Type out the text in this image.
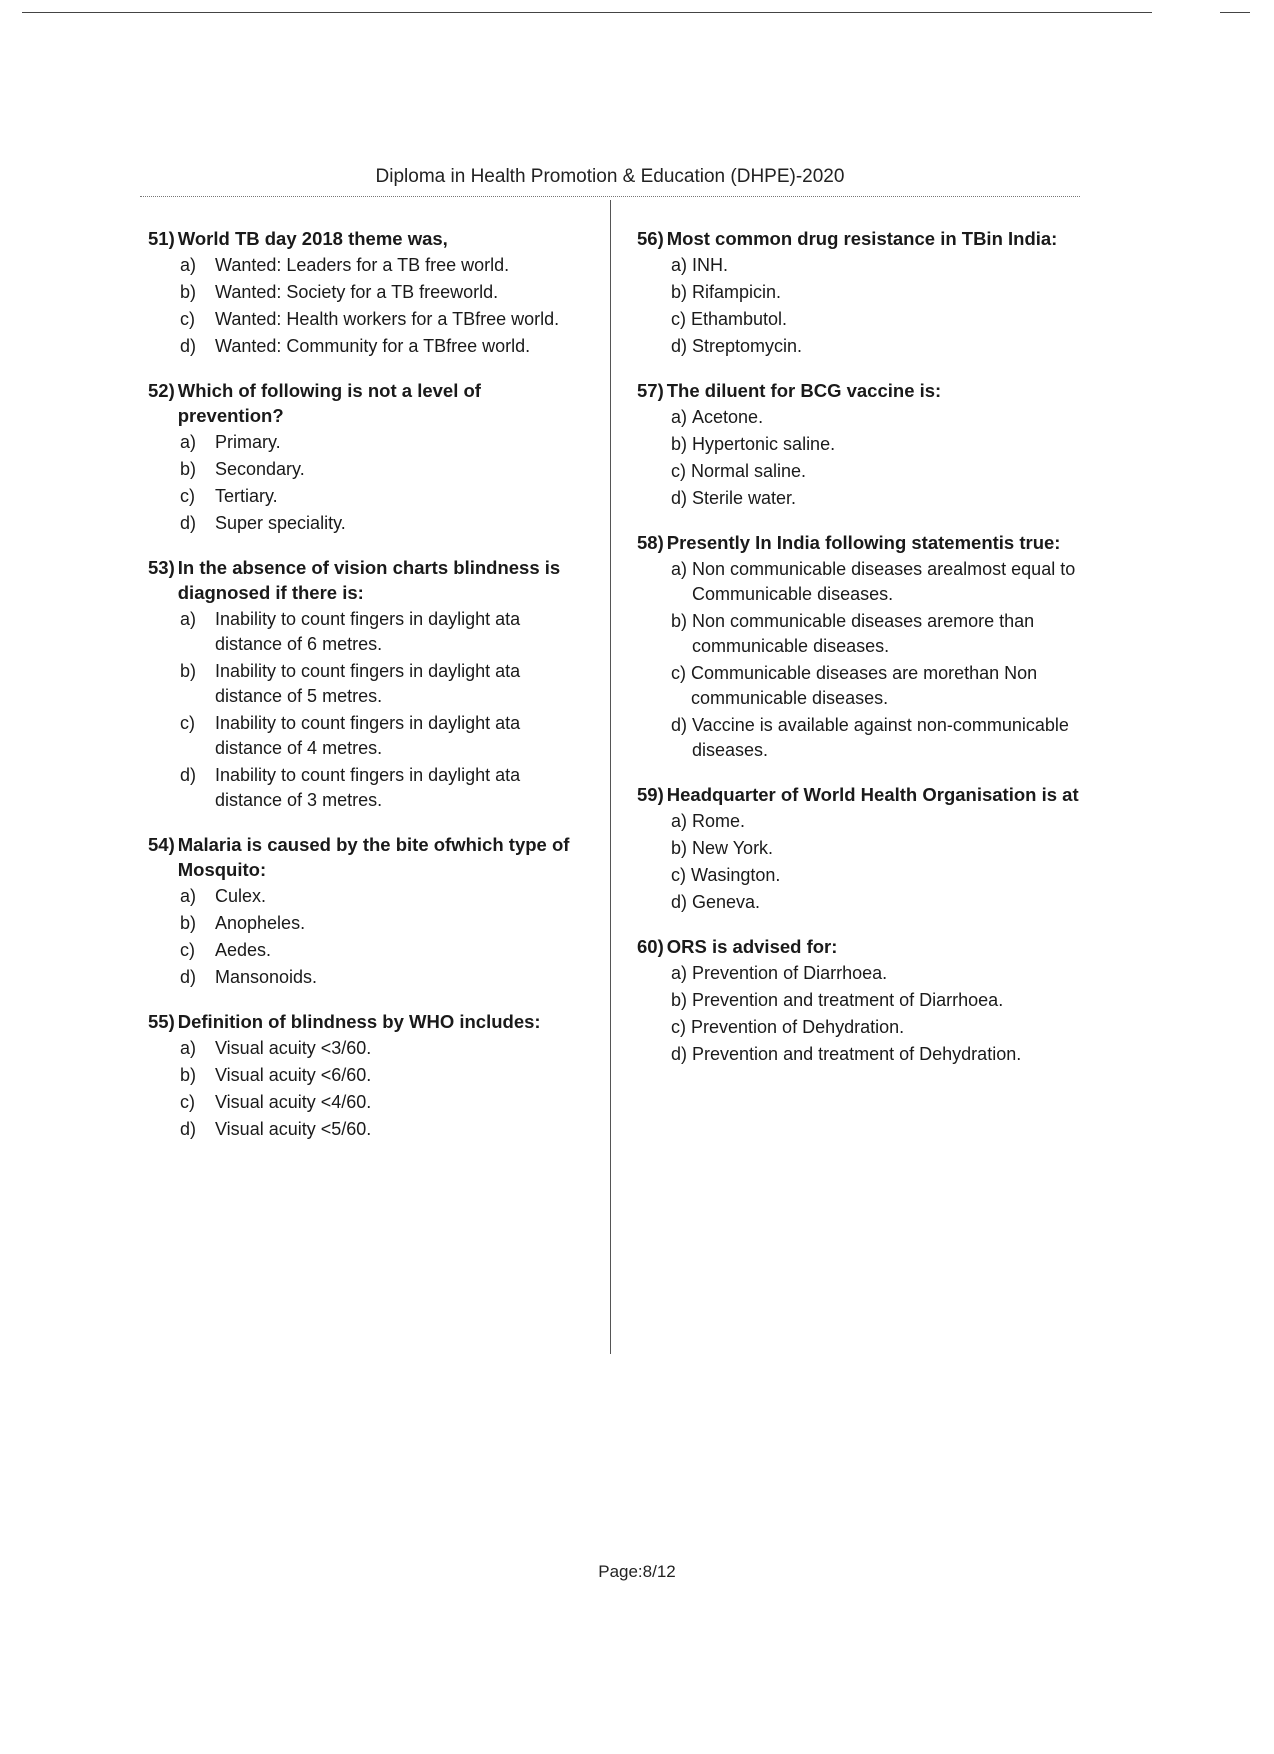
Diploma in Health Promotion & Education (DHPE)-2020
51) World TB day 2018 theme was,
a)	Wanted: Leaders for a TB free world.
b)	Wanted: Society for a TB freeworld.
c)	Wanted: Health workers for a TBfree world.
d)	Wanted: Community for a TBfree world.
52) Which of following is not a level of prevention?
a)	Primary.
b)	Secondary.
c)	Tertiary.
d)	Super speciality.
53) In the absence of vision charts blindness is diagnosed if there is:
a)	Inability to count fingers in daylight ata distance of 6 metres.
b)	Inability to count fingers in daylight ata distance of 5 metres.
c)	Inability to count fingers in daylight ata distance of 4 metres.
d)	Inability to count fingers in daylight ata distance of 3 metres.
54) Malaria is caused by the bite ofwhich type of Mosquito:
a)	Culex.
b)	Anopheles.
c)	Aedes.
d)	Mansonoids.
55) Definition of blindness by WHO includes:
a)	Visual acuity <3/60.
b)	Visual acuity <6/60.
c)	Visual acuity <4/60.
d)	Visual acuity <5/60.
56) Most common drug resistance in TBin India:
a) INH.
b) Rifampicin.
c) Ethambutol.
d) Streptomycin.
57) The diluent for BCG vaccine is:
a) Acetone.
b) Hypertonic saline.
c) Normal saline.
d) Sterile water.
58) Presently In India following statementis true:
a) Non communicable diseases arealmost equal to Communicable diseases.
b) Non communicable diseases aremore than communicable diseases.
c) Communicable diseases are morethan Non communicable diseases.
d) Vaccine is available against non-communicable diseases.
59) Headquarter of World Health Organisation is at
a) Rome.
b) New York.
c) Wasington.
d) Geneva.
60) ORS is advised for:
a) Prevention of Diarrhoea.
b) Prevention and treatment of Diarrhoea.
c) Prevention of Dehydration.
d) Prevention and treatment of Dehydration.
Page:8/12
